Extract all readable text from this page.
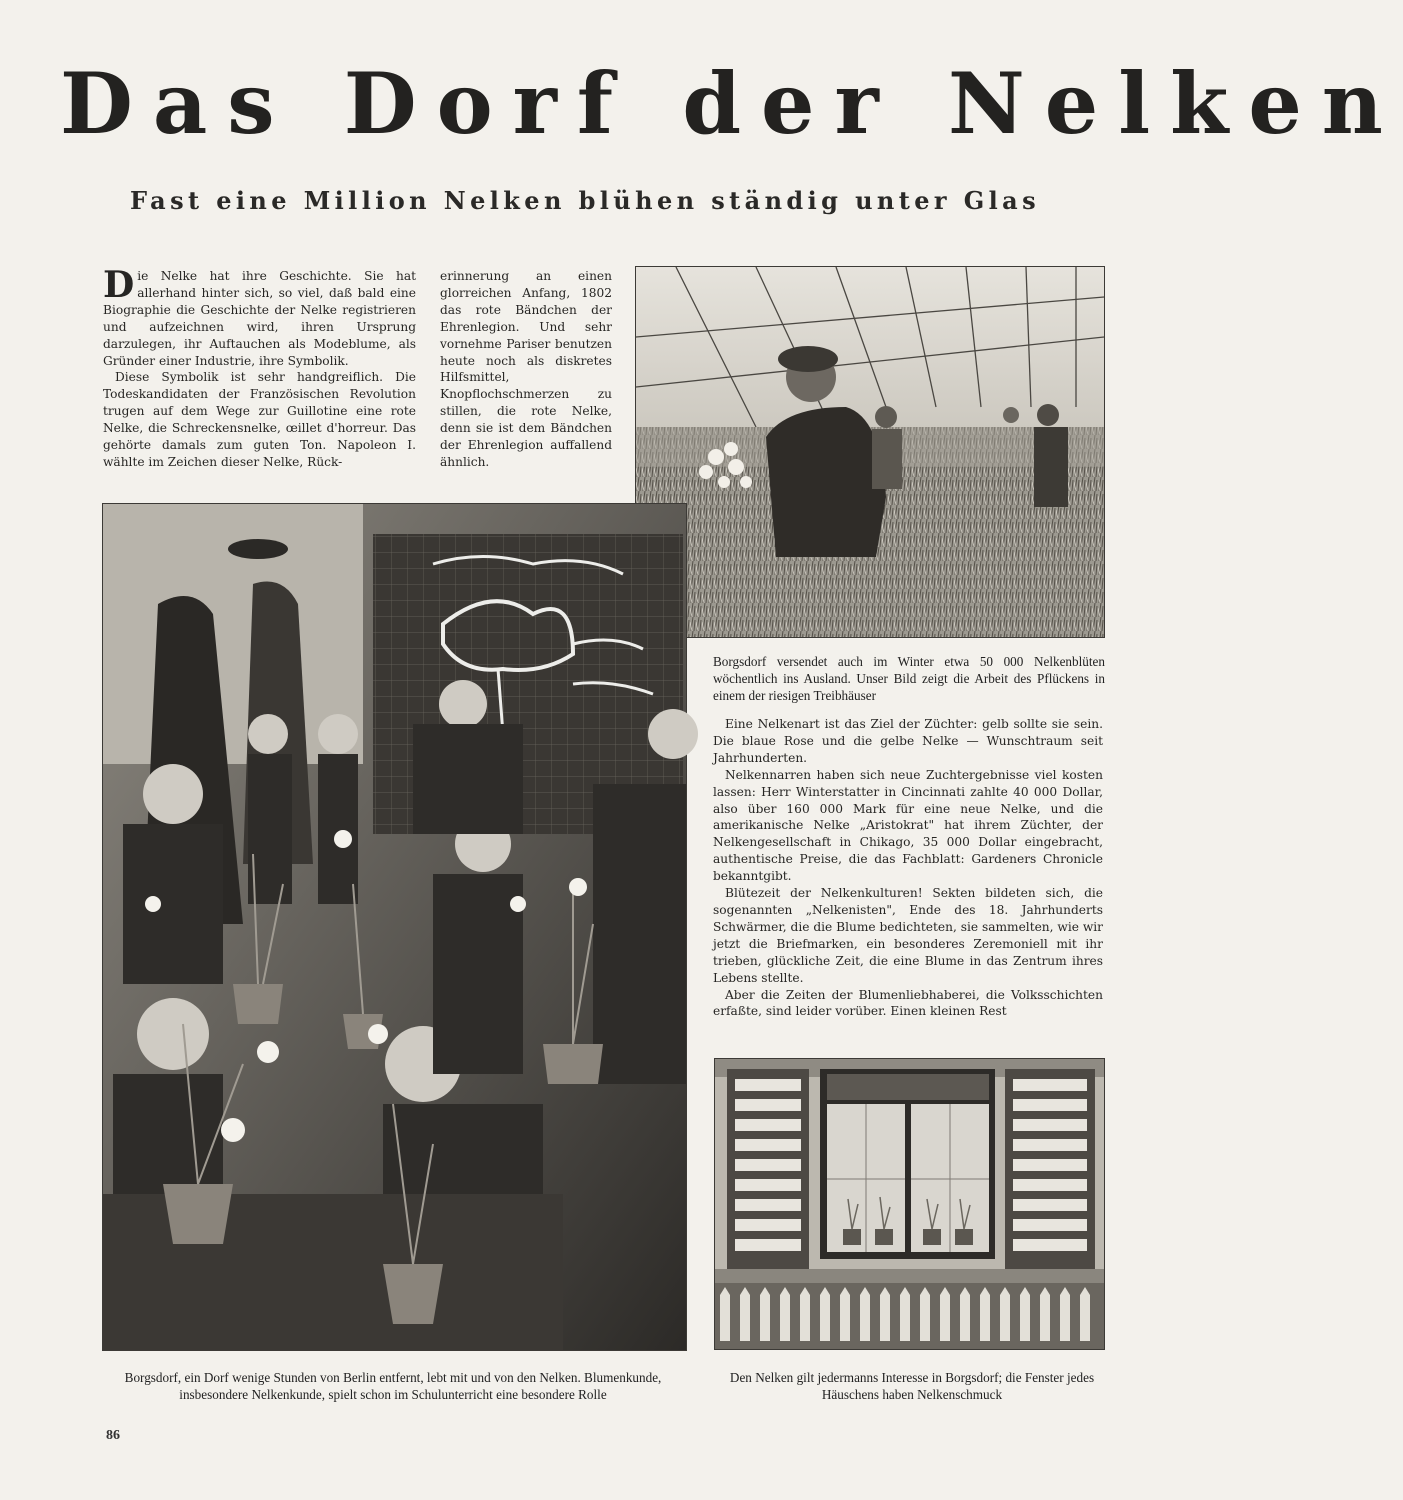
Das Dorf der Nelken
Fast eine Million Nelken blühen ständig unter Glas

Die Nelke hat ihre Geschichte. Sie hat allerhand hinter sich, so viel, daß bald eine Biographie die Geschichte der Nelke registrieren und aufzeichnen wird, ihren Ursprung darzulegen, ihr Auftauchen als Modeblume, als Gründer einer Industrie, ihre Symbolik.

Diese Symbolik ist sehr handgreiflich. Die Todeskandidaten der Französischen Revolution trugen auf dem Wege zur Guillotine eine rote Nelke, die Schreckensnelke, œillet d'horreur. Das gehörte damals zum guten Ton. Napoleon I. wählte im Zeichen dieser Nelke, Rück-

erinnerung an einen glorreichen Anfang, 1802 das rote Bändchen der Ehrenlegion. Und sehr vornehme Pariser benutzen heute noch als diskretes Hilfsmittel, Knopflochschmerzen zu stillen, die rote Nelke, denn sie ist dem Bändchen der Ehrenlegion auffallend ähnlich.

Borgsdorf versendet auch im Winter etwa 50 000 Nelkenblüten wöchentlich ins Ausland. Unser Bild zeigt die Arbeit des Pflückens in einem der riesigen Treibhäuser
Borgsdorf, ein Dorf wenige Stunden von Berlin entfernt, lebt mit und von den Nelken. Blumenkunde, insbesondere Nelkenkunde, spielt schon im Schulunterricht eine besondere Rolle

Eine Nelkenart ist das Ziel der Züchter: gelb sollte sie sein. Die blaue Rose und die gelbe Nelke — Wunschtraum seit Jahrhunderten.

Nelkennarren haben sich neue Zuchtergebnisse viel kosten lassen: Herr Winterstatter in Cincinnati zahlte 40 000 Dollar, also über 160 000 Mark für eine neue Nelke, und die amerikanische Nelke „Aristokrat" hat ihrem Züchter, der Nelkengesellschaft in Chikago, 35 000 Dollar eingebracht, authentische Preise, die das Fachblatt: Gardeners Chronicle bekanntgibt.

Blütezeit der Nelkenkulturen! Sekten bildeten sich, die sogenannten „Nelkenisten", Ende des 18. Jahrhunderts Schwärmer, die die Blume bedichteten, sie sammelten, wie wir jetzt die Briefmarken, ein besonderes Zeremoniell mit ihr trieben, glückliche Zeit, die eine Blume in das Zentrum ihres Lebens stellte.

Aber die Zeiten der Blumenliebhaberei, die Volksschichten erfaßte, sind leider vorüber. Einen kleinen Rest

Den Nelken gilt jedermanns Interesse in Borgsdorf; die Fenster jedes Häuschens haben Nelkenschmuck
86
